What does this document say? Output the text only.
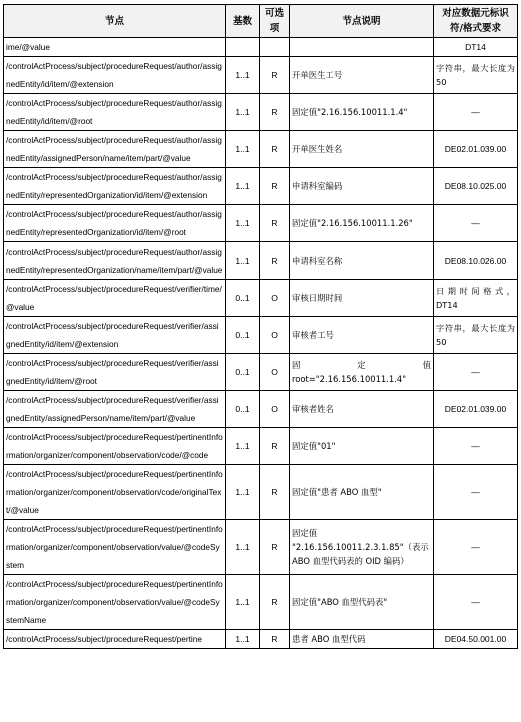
节点	基数	可选项	节点说明	对应数据元标识符/格式要求
ime/@value				DT14
/controlActProcess/subject/procedureRequest/author/assignedEntity/id/item/@extension	1..1	R	开单医生工号	字符串，最大长度为 50
/controlActProcess/subject/procedureRequest/author/assignedEntity/id/item/@root	1..1	R	固定值"2.16.156.10011.1.4"	—
/controlActProcess/subject/procedureRequest/author/assignedEntity/assignedPerson/name/item/part/@value	1..1	R	开单医生姓名	DE02.01.039.00
/controlActProcess/subject/procedureRequest/author/assignedEntity/representedOrganization/id/item/@extension	1..1	R	申请科室编码	DE08.10.025.00
/controlActProcess/subject/procedureRequest/author/assignedEntity/representedOrganization/id/item/@root	1..1	R	固定值"2.16.156.10011.1.26"	—
/controlActProcess/subject/procedureRequest/author/assignedEntity/representedOrganization/name/item/part/@value	1..1	R	申请科室名称	DE08.10.026.00
/controlActProcess/subject/procedureRequest/verifier/time/@value	0..1	O	审核日期时间	日期时间格式，DT14
/controlActProcess/subject/procedureRequest/verifier/assignedEntity/id/item/@extension	0..1	O	审核者工号	字符串，最大长度为 50
/controlActProcess/subject/procedureRequest/verifier/assignedEntity/id/item/@root	0..1	O	固定值 root="2.16.156.10011.1.4"	—
/controlActProcess/subject/procedureRequest/verifier/assignedEntity/assignedPerson/name/item/part/@value	0..1	O	审核者姓名	DE02.01.039.00
/controlActProcess/subject/procedureRequest/pertinentInformation/organizer/component/observation/code/@code	1..1	R	固定值"01"	—
/controlActProcess/subject/procedureRequest/pertinentInformation/organizer/component/observation/code/originalText/@value	1..1	R	固定值"患者 ABO 血型"	—
/controlActProcess/subject/procedureRequest/pertinentInformation/organizer/component/observation/value/@codeSystem	1..1	R	固定值 "2.16.156.10011.2.3.1.85"（表示 ABO 血型代码表的 OID 编码）	—
/controlActProcess/subject/procedureRequest/pertinentInformation/organizer/component/observation/value/@codeSystemName	1..1	R	固定值"ABO 血型代码表"	—
/controlActProcess/subject/procedureRequest/pertine	1..1	R	患者 ABO 血型代码	DE04.50.001.00
